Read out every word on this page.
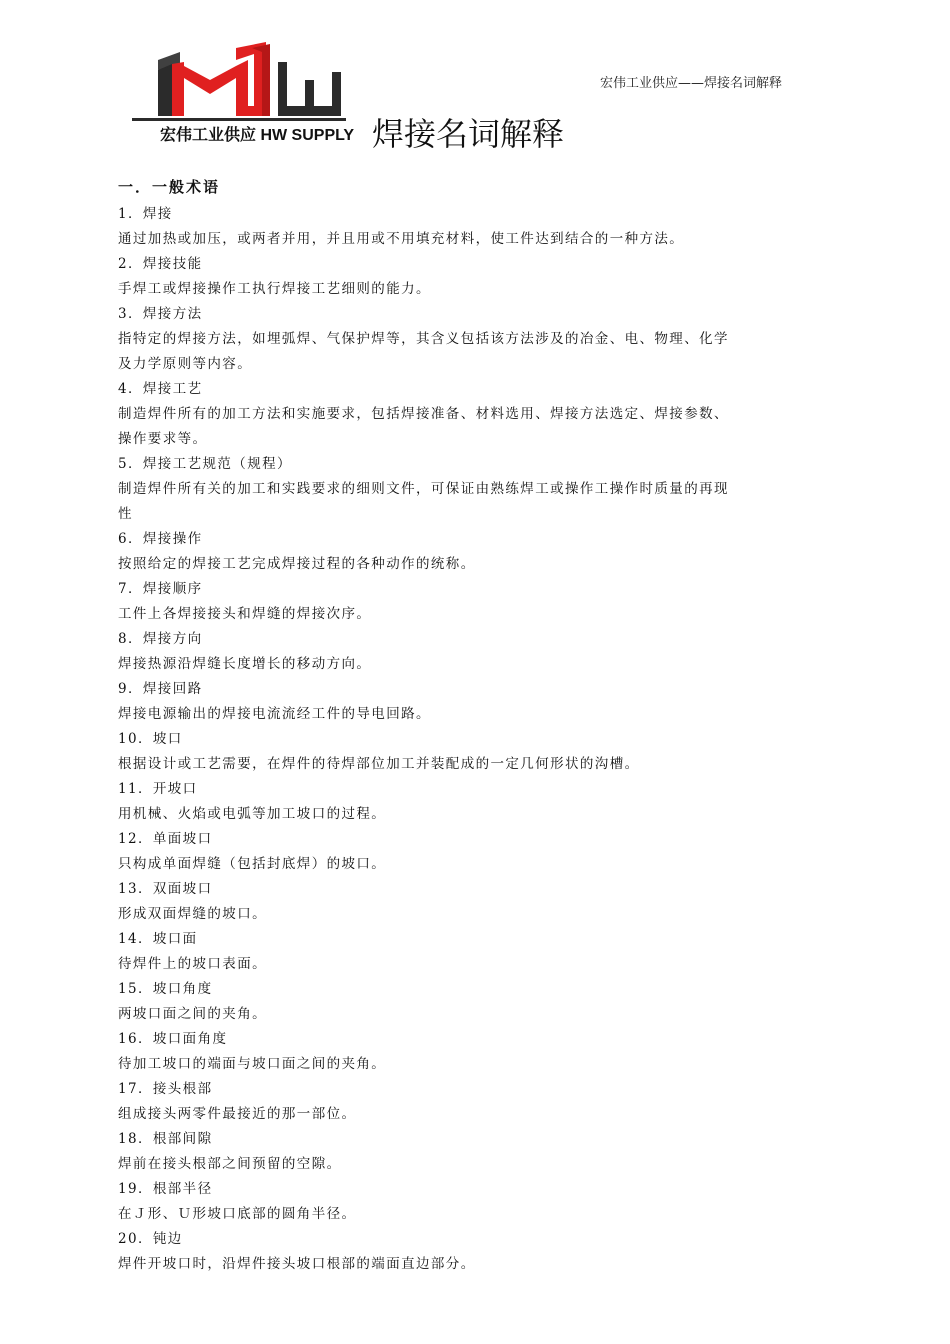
宏伟工业供应——焊接名词解释
宏伟工业供应 HW SUPPLY 焊接名词解释
一．一般术语
1．焊接
通过加热或加压，或两者并用，并且用或不用填充材料，使工件达到结合的一种方法。
2．焊接技能
手焊工或焊接操作工执行焊接工艺细则的能力。
3．焊接方法
指特定的焊接方法，如埋弧焊、气保护焊等，其含义包括该方法涉及的冶金、电、物理、化学
及力学原则等内容。
4．焊接工艺
制造焊件所有的加工方法和实施要求，包括焊接准备、材料选用、焊接方法选定、焊接参数、
操作要求等。
5．焊接工艺规范（规程）
制造焊件所有关的加工和实践要求的细则文件，可保证由熟练焊工或操作工操作时质量的再现
性
6．焊接操作
按照给定的焊接工艺完成焊接过程的各种动作的统称。
7．焊接顺序
工件上各焊接接头和焊缝的焊接次序。
8．焊接方向
焊接热源沿焊缝长度增长的移动方向。
9．焊接回路
焊接电源输出的焊接电流流经工件的导电回路。
10．坡口
根据设计或工艺需要，在焊件的待焊部位加工并装配成的一定几何形状的沟槽。
11．开坡口
用机械、火焰或电弧等加工坡口的过程。
12．单面坡口
只构成单面焊缝（包括封底焊）的坡口。
13．双面坡口
形成双面焊缝的坡口。
14．坡口面
待焊件上的坡口表面。
15．坡口角度
两坡口面之间的夹角。
16．坡口面角度
待加工坡口的端面与坡口面之间的夹角。
17．接头根部
组成接头两零件最接近的那一部位。
18．根部间隙
焊前在接头根部之间预留的空隙。
19．根部半径
在Ｊ形、Ｕ形坡口底部的圆角半径。
20．钝边
焊件开坡口时，沿焊件接头坡口根部的端面直边部分。
